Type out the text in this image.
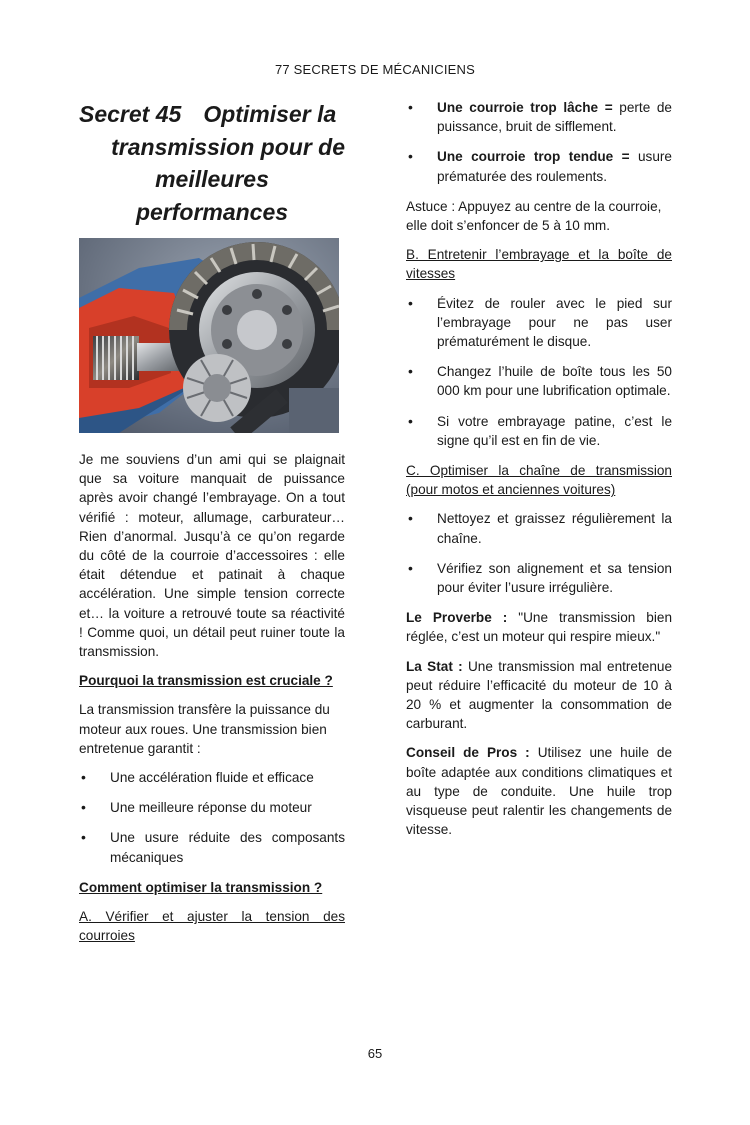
77 SECRETS DE MÉCANICIENS
Secret 45 Optimiser la
transmission pour de
meilleures
performances

Je me souviens d’un ami qui se plaignait que sa voiture manquait de puissance après avoir changé l’embrayage. On a tout vérifié : moteur, allumage, carburateur… Rien d’anormal. Jusqu’à ce qu’on regarde du côté de la courroie d’accessoires : elle était détendue et patinait à chaque accélération. Une simple tension correcte et… la voiture a retrouvé toute sa réactivité ! Comme quoi, un détail peut ruiner toute la transmission.

Pourquoi la transmission est cruciale ?

La transmission transfère la puissance du moteur aux roues. Une transmission bien entretenue garantit :

• Une accélération fluide et efficace
• Une meilleure réponse du moteur
• Une usure réduite des composants mécaniques

Comment optimiser la transmission ?

A. Vérifier et ajuster la tension des courroies

• Une courroie trop lâche = perte de puissance, bruit de sifflement.
• Une courroie trop tendue = usure prématurée des roulements.

Astuce : Appuyez au centre de la courroie, elle doit s’enfoncer de 5 à 10 mm.

B. Entretenir l’embrayage et la boîte de vitesses

• Évitez de rouler avec le pied sur l’embrayage pour ne pas user prématurément le disque.
• Changez l’huile de boîte tous les 50 000 km pour une lubrification optimale.
• Si votre embrayage patine, c’est le signe qu’il est en fin de vie.

C. Optimiser la chaîne de transmission (pour motos et anciennes voitures)

• Nettoyez et graissez régulièrement la chaîne.
• Vérifiez son alignement et sa tension pour éviter l’usure irrégulière.

Le Proverbe : "Une transmission bien réglée, c’est un moteur qui respire mieux."

La Stat : Une transmission mal entretenue peut réduire l’efficacité du moteur de 10 à 20 % et augmenter la consommation de carburant.

Conseil de Pros : Utilisez une huile de boîte adaptée aux conditions climatiques et au type de conduite. Une huile trop visqueuse peut ralentir les changements de vitesse.

65
